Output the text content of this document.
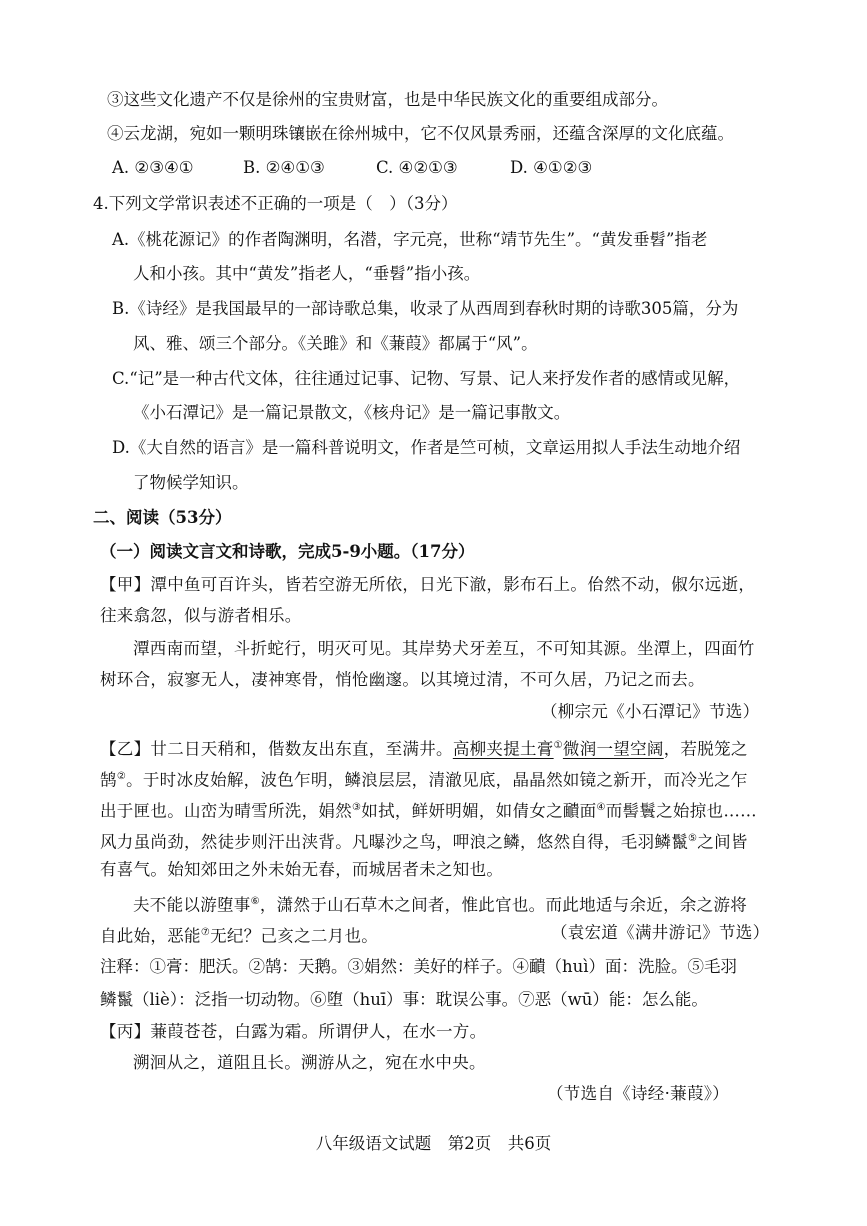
③这些文化遗产不仅是徐州的宝贵财富，也是中华民族文化的重要组成部分。
④云龙湖，宛如一颗明珠镶嵌在徐州城中，它不仅风景秀丽，还蕴含深厚的文化底蕴。
A. ②③④①	B. ②④①③	C. ④②①③	D. ④①②③
4.下列文学常识表述不正确的一项是（　）（3分）
A.《桃花源记》的作者陶渊明，名潜，字元亮，世称“靖节先生”。“黄发垂髫”指老
人和小孩。其中“黄发”指老人，“垂髫”指小孩。
B.《诗经》是我国最早的一部诗歌总集，收录了从西周到春秋时期的诗歌305篇，分为
风、雅、颂三个部分。《关雎》和《蒹葭》都属于“风”。
C.“记”是一种古代文体，往往通过记事、记物、写景、记人来抒发作者的感情或见解，
《小石潭记》是一篇记景散文，《核舟记》是一篇记事散文。
D.《大自然的语言》是一篇科普说明文，作者是竺可桢，文章运用拟人手法生动地介绍
了物候学知识。
二、阅读（53分）
（一）阅读文言文和诗歌，完成5-9小题。（17分）
【甲】潭中鱼可百许头，皆若空游无所依，日光下澈，影布石上。佁然不动，俶尔远逝，
往来翕忽，似与游者相乐。
潭西南而望，斗折蛇行，明灭可见。其岸势犬牙差互，不可知其源。坐潭上，四面竹
树环合，寂寥无人，凄神寒骨，悄怆幽邃。以其境过清，不可久居，乃记之而去。
（柳宗元《小石潭记》节选）
【乙】廿二日天稍和，偕数友出东直，至满井。高柳夹提土膏①微润一望空阔，若脱笼之
鹄②。于时冰皮始解，波色乍明，鳞浪层层，清澈见底，晶晶然如镜之新开，而冷光之乍
出于匣也。山峦为晴雪所洗，娟然③如拭，鲜妍明媚，如倩女之靧面④而髻鬟之始掠也……
风力虽尚劲，然徒步则汗出浃背。凡曝沙之鸟，呷浪之鳞，悠然自得，毛羽鳞鬣⑤之间皆
有喜气。始知郊田之外未始无春，而城居者未之知也。
夫不能以游堕事⑥，潇然于山石草木之间者，惟此官也。而此地适与余近，余之游将
自此始，恶能⑦无纪？己亥之二月也。	（袁宏道《满井游记》节选）
注释：①膏：肥沃。②鹄：天鹅。③娟然：美好的样子。④靧（huì）面：洗脸。⑤毛羽
鳞鬣（liè）：泛指一切动物。⑥堕（huī）事：耽误公事。⑦恶（wū）能：怎么能。
【丙】蒹葭苍苍，白露为霜。所谓伊人，在水一方。
溯洄从之，道阻且长。溯游从之，宛在水中央。
（节选自《诗经·蒹葭》）
八年级语文试题　第2页　共6页
